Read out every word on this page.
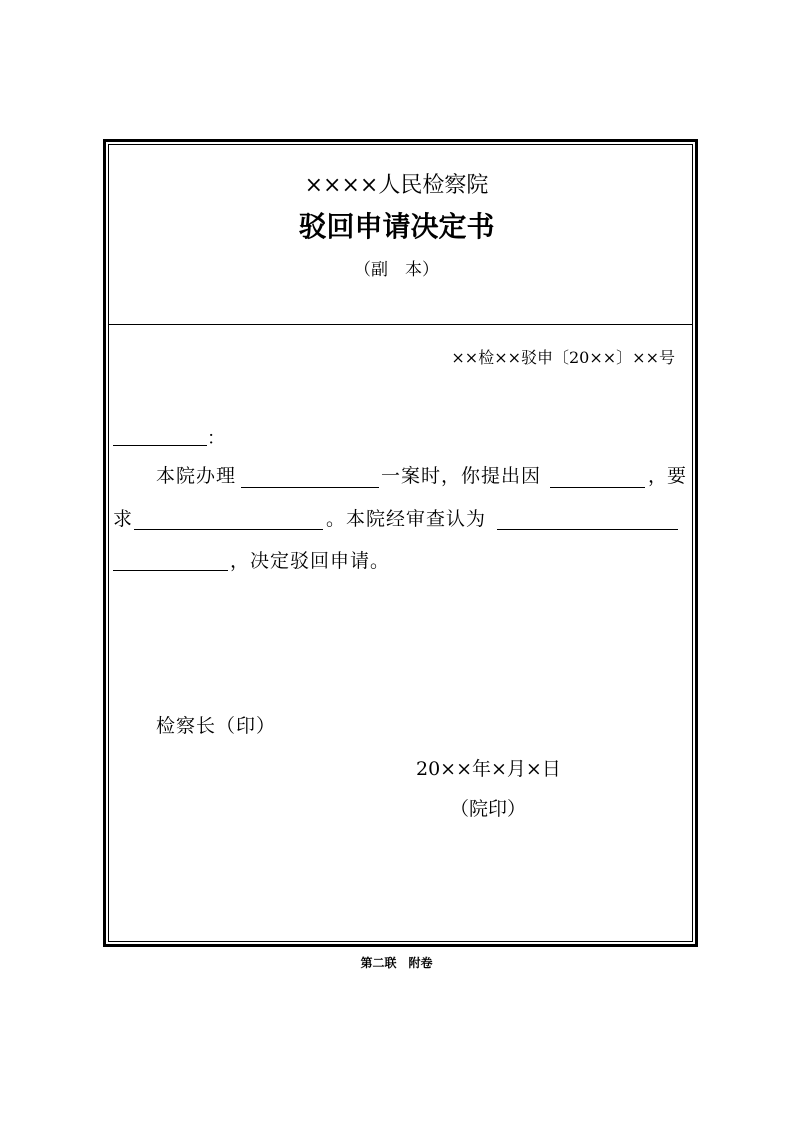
××××人民检察院
驳回申请决定书
（副　本）
××检××驳申〔20××〕××号
：
本院办理	一案时，你提出因	， 要
求	。本院经审查认为
，决定驳回申请。
检察长（印）
20××年×月×日
（院印）
第二联　附卷
